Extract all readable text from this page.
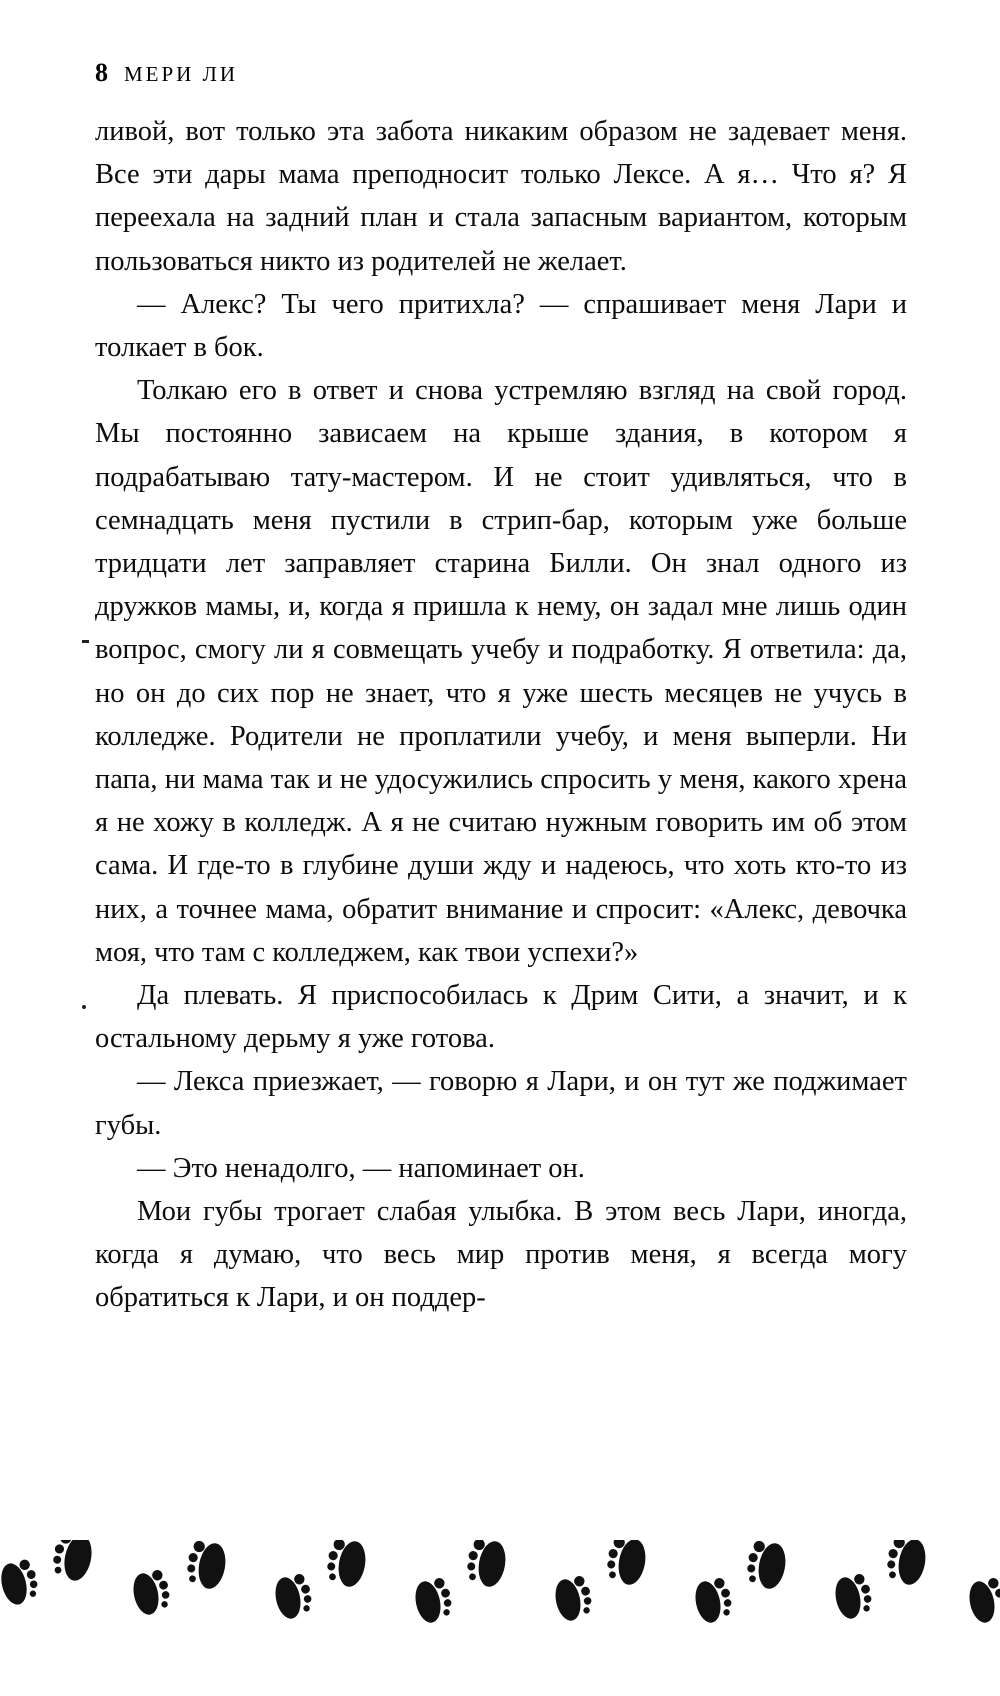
8 МЕРИ ЛИ

ливой, вот только эта забота никаким образом не задевает меня. Все эти дары мама преподносит только Лексе. А я… Что я? Я переехала на задний план и стала запасным вариантом, которым пользоваться никто из родителей не желает.

— Алекс? Ты чего притихла? — спрашивает меня Лари и толкает в бок.

Толкаю его в ответ и снова устремляю взгляд на свой город. Мы постоянно зависаем на крыше здания, в котором я подрабатываю тату-мастером. И не стоит удивляться, что в семнадцать меня пустили в стрип-бар, которым уже больше тридцати лет заправляет старина Билли. Он знал одного из дружков мамы, и, когда я пришла к нему, он задал мне лишь один вопрос, смогу ли я совмещать учебу и подработку. Я ответила: да, но он до сих пор не знает, что я уже шесть месяцев не учусь в колледже. Родители не проплатили учебу, и меня выперли. Ни папа, ни мама так и не удосужились спросить у меня, какого хрена я не хожу в колледж. А я не считаю нужным говорить им об этом сама. И где-то в глубине души жду и надеюсь, что хоть кто-то из них, а точнее мама, обратит внимание и спросит: «Алекс, девочка моя, что там с колледжем, как твои успехи?»

Да плевать. Я приспособилась к Дрим Сити, а значит, и к остальному дерьму я уже готова.

— Лекса приезжает, — говорю я Лари, и он тут же поджимает губы.

— Это ненадолго, — напоминает он.

Мои губы трогает слабая улыбка. В этом весь Лари, иногда, когда я думаю, что весь мир против меня, я всегда могу обратиться к Лари, и он поддер-
